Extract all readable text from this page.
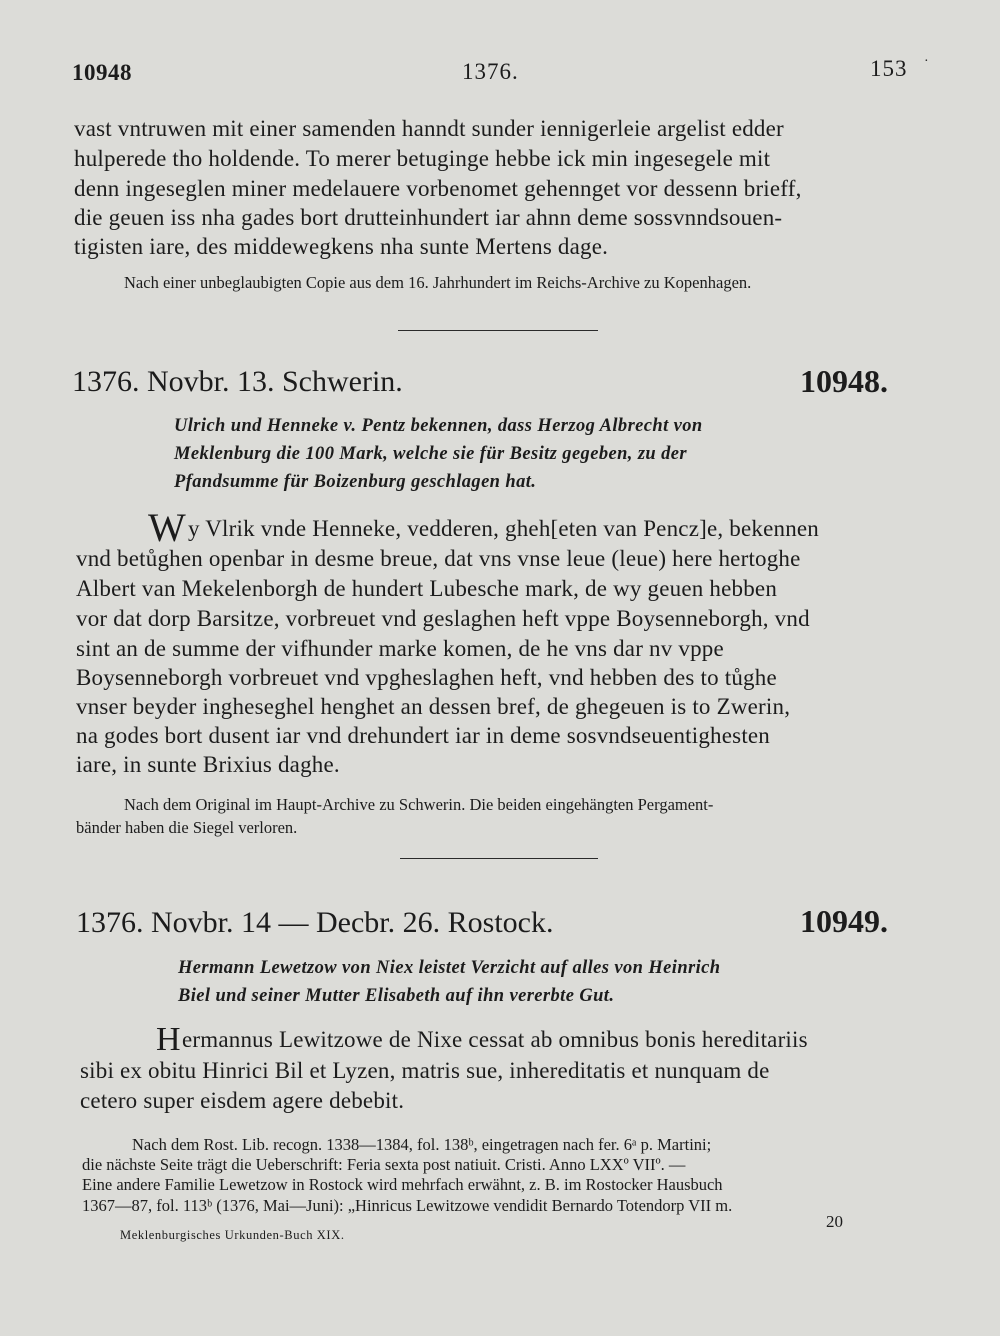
10948	1376.	153 ·
vast vntruwen mit einer samenden hanndt sunder iennigerleie argelist edder
hulperede tho holdende. To merer betuginge hebbe ick min ingesegele mit
denn ingeseglen miner medelauere vorbenomet gehennget vor dessenn brieff,
die geuen iss nha gades bort drutteinhundert iar ahnn deme sossvnndsouen-
tigisten iare, des middewegkens nha sunte Mertens dage.
Nach einer unbeglaubigten Copie aus dem 16. Jahrhundert im Reichs-Archive zu Kopenhagen.
1376. Novbr. 13. Schwerin.	10948.
Ulrich und Henneke v. Pentz bekennen, dass Herzog Albrecht von
Meklenburg die 100 Mark, welche sie für Besitz gegeben, zu der
Pfandsumme für Boizenburg geschlagen hat.
W y Vlrik vnde Henneke, vedderen, gheh[eten van Pencz]e, bekennen
vnd betůghen openbar in desme breue, dat vns vnse leue (leue) here hertoghe
Albert van Mekelenborgh de hundert Lubesche mark, de wy geuen hebben
vor dat dorp Barsitze, vorbreuet vnd geslaghen heft vppe Boysenneborgh, vnd
sint an de summe der vifhunder marke komen, de he vns dar nv vppe
Boysenneborgh vorbreuet vnd vpgheslaghen heft, vnd hebben des to tůghe
vnser beyder ingheseghel henghet an dessen bref, de ghegeuen is to Zwerin,
na godes bort dusent iar vnd drehundert iar in deme sosvndseuentighesten
iare, in sunte Brixius daghe.
Nach dem Original im Haupt-Archive zu Schwerin. Die beiden eingehängten Pergament-
bänder haben die Siegel verloren.
1376. Novbr. 14 — Decbr. 26. Rostock.	10949.
Hermann Lewetzow von Niex leistet Verzicht auf alles von Heinrich
Biel und seiner Mutter Elisabeth auf ihn vererbte Gut.
H ermannus Lewitzowe de Nixe cessat ab omnibus bonis hereditariis
sibi ex obitu Hinrici Bil et Lyzen, matris sue, inhereditatis et nunquam de
cetero super eisdem agere debebit.
Nach dem Rost. Lib. recogn. 1338—1384, fol. 138ᵇ, eingetragen nach fer. 6ᵃ p. Martini;
die nächste Seite trägt die Ueberschrift: Feria sexta post natiuit. Cristi. Anno LXXº VIIº. —
Eine andere Familie Lewetzow in Rostock wird mehrfach erwähnt, z. B. im Rostocker Hausbuch
1367—87, fol. 113ᵇ (1376, Mai—Juni): „Hinricus Lewitzowe vendidit Bernardo Totendorp VII m.
Meklenburgisches Urkunden-Buch XIX.
20
